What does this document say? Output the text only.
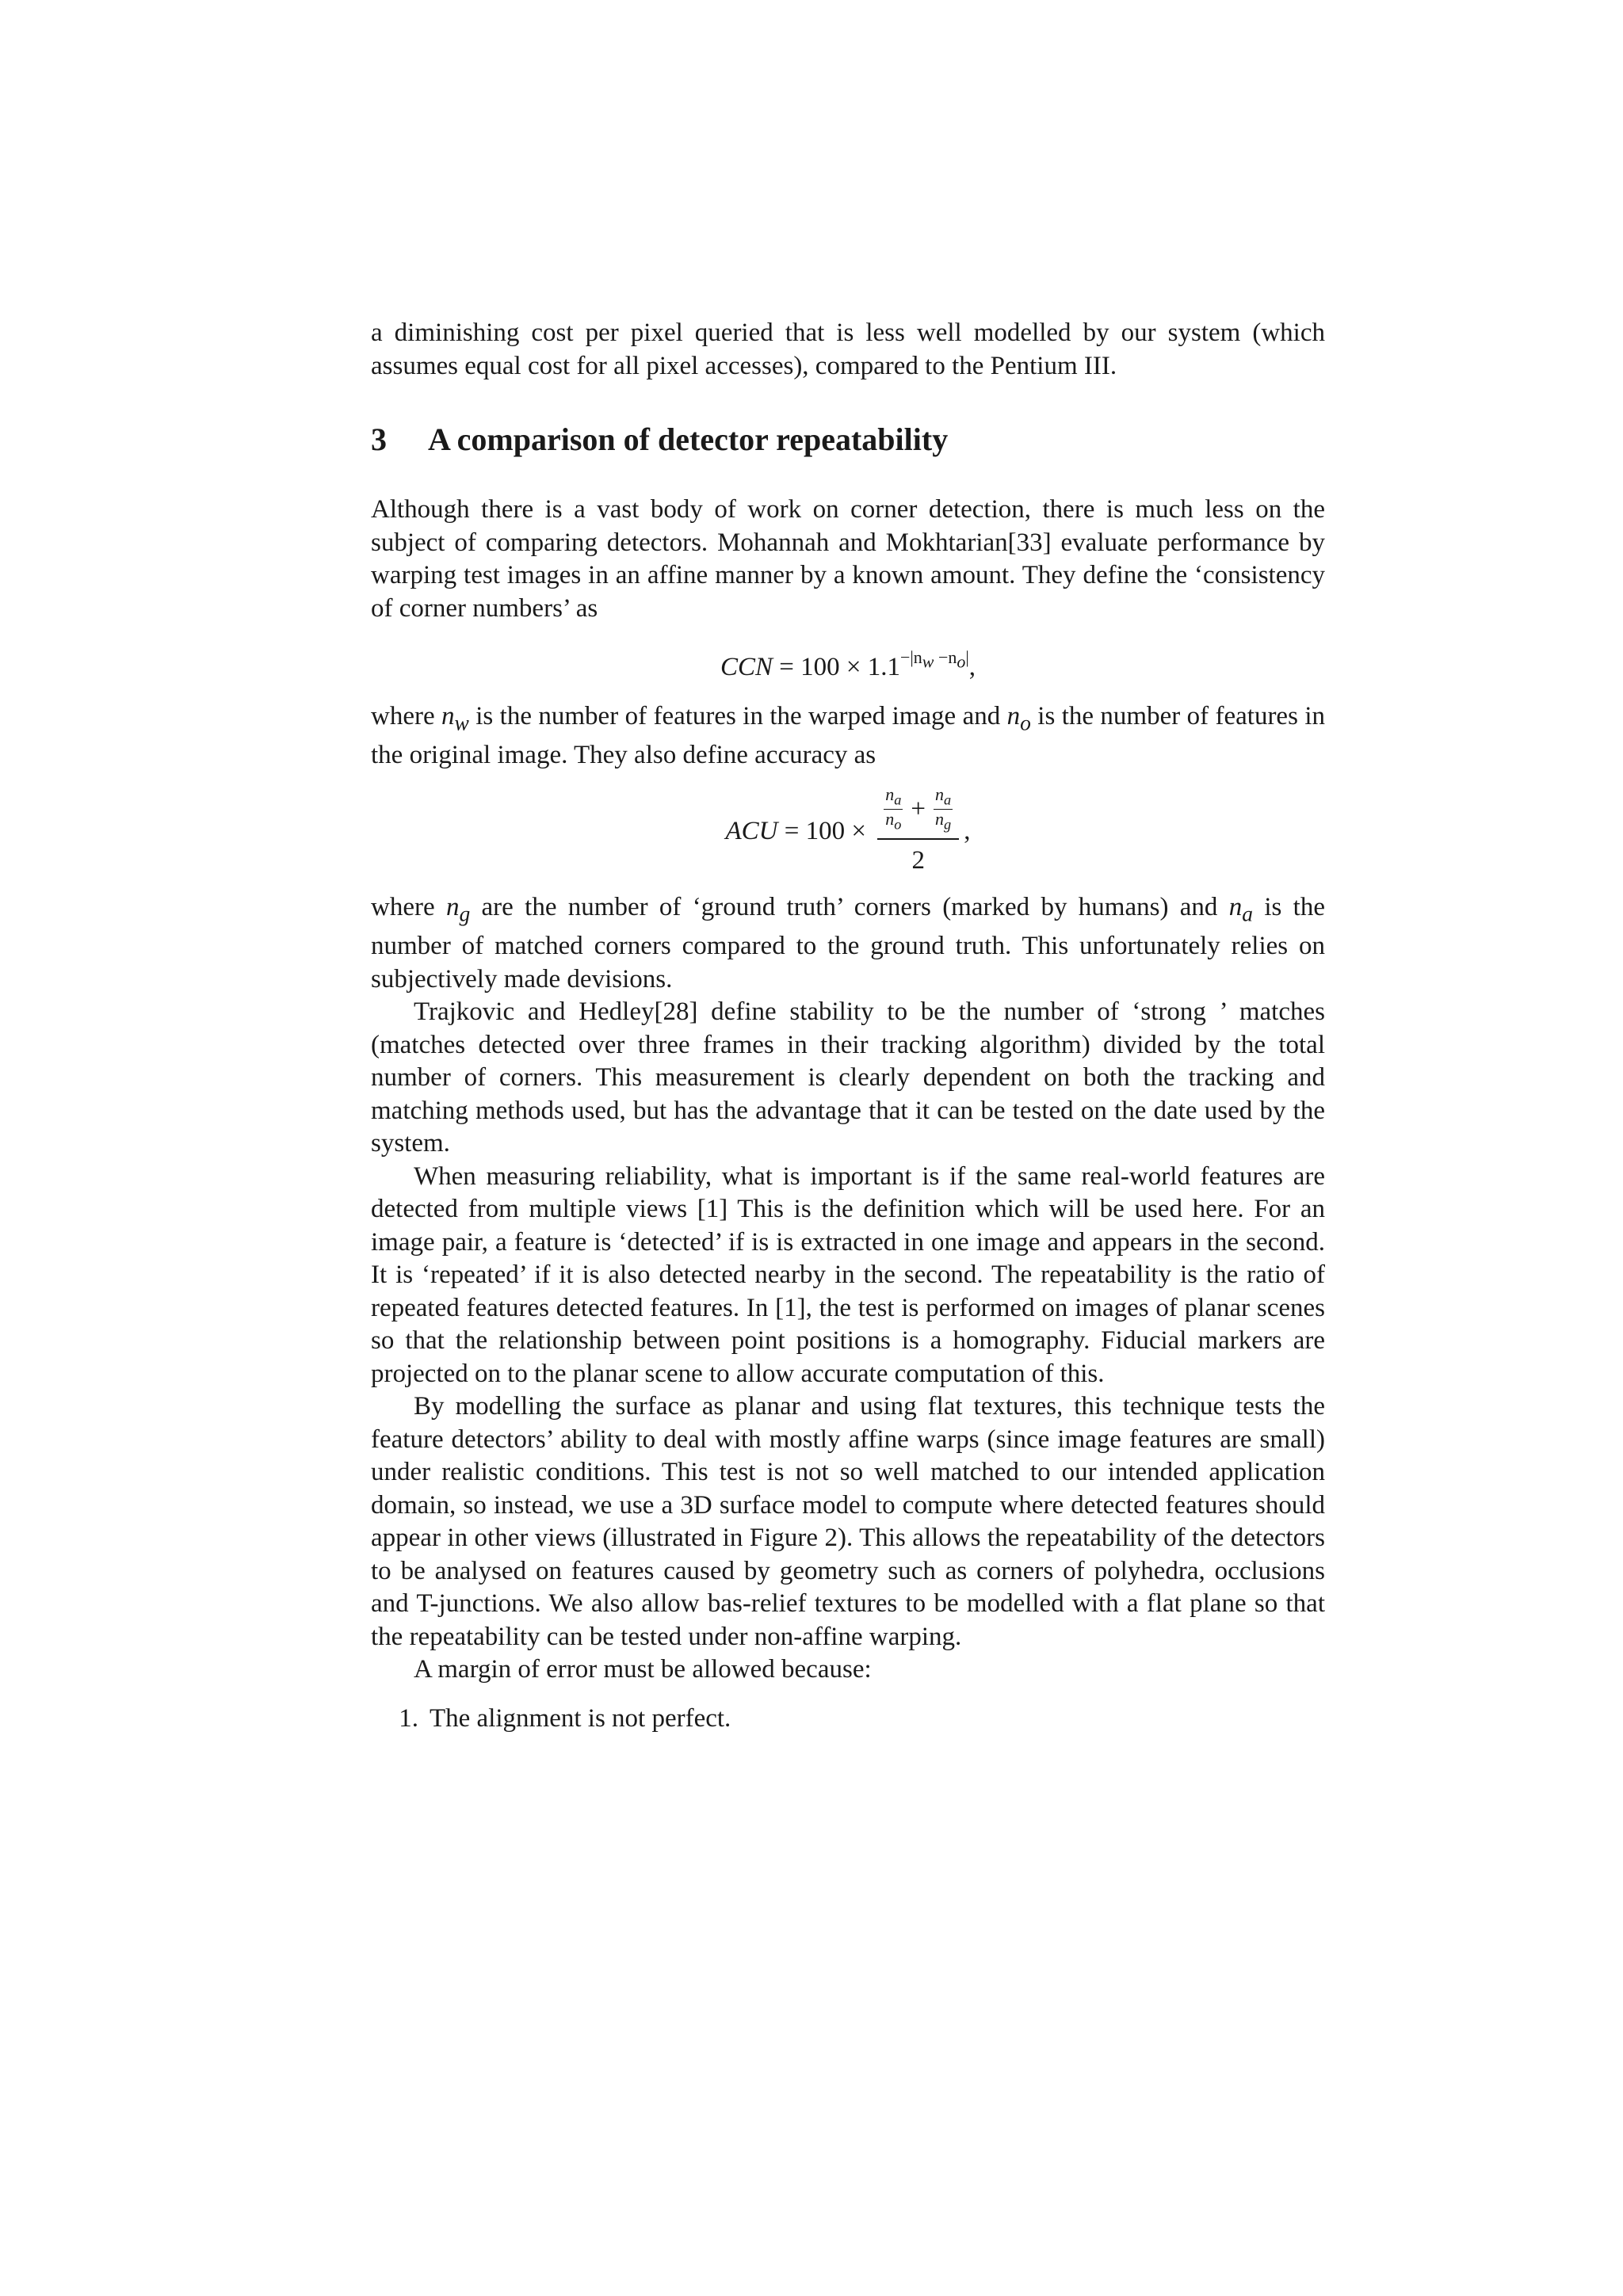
a diminishing cost per pixel queried that is less well modelled by our system (which assumes equal cost for all pixel accesses), compared to the Pentium III.

3	A comparison of detector repeatability

Although there is a vast body of work on corner detection, there is much less on the subject of comparing detectors. Mohannah and Mokhtarian[33] evaluate performance by warping test images in an affine manner by a known amount. They define the ‘consistency of corner numbers’ as

CCN = $100 \times 1.1^{-|n_w -n_o|}$,

where $n_w$ is the number of features in the warped image and $n_o$ is the number of features in the original image. They also define accuracy as

ACU = 100 ×
$n_a$
$n_o$
+ $\frac{n_a}{n_g}$
2
,

where $n_g$ are the number of ‘ground truth’ corners (marked by humans) and $n_a$ is the number of matched corners compared to the ground truth. This unfortunately relies on subjectively made devisions.

Trajkovic and Hedley[28] define stability to be the number of ‘strong ’ matches (matches detected over three frames in their tracking algorithm) divided by the total number of corners. This measurement is clearly dependent on both the tracking and matching methods used, but has the advantage that it can be tested on the date used by the system.

When measuring reliability, what is important is if the same real-world features are detected from multiple views [1] This is the definition which will be used here. For an image pair, a feature is ‘detected’ if is is extracted in one image and appears in the second. It is ‘repeated’ if it is also detected nearby in the second. The repeatability is the ratio of repeated features detected features. In [1], the test is performed on images of planar scenes so that the relationship between point positions is a homography. Fiducial markers are projected on to the planar scene to allow accurate computation of this.

By modelling the surface as planar and using flat textures, this technique tests the feature detectors’ ability to deal with mostly affine warps (since image features are small) under realistic conditions. This test is not so well matched to our intended application domain, so instead, we use a 3D surface model to compute where detected features should appear in other views (illustrated in Figure 2). This allows the repeatability of the detectors to be analysed on features caused by geometry such as corners of polyhedra, occlusions and T-junctions. We also allow bas-relief textures to be modelled with a flat plane so that the repeatability can be tested under non-affine warping.

A margin of error must be allowed because:

1. The alignment is not perfect.
